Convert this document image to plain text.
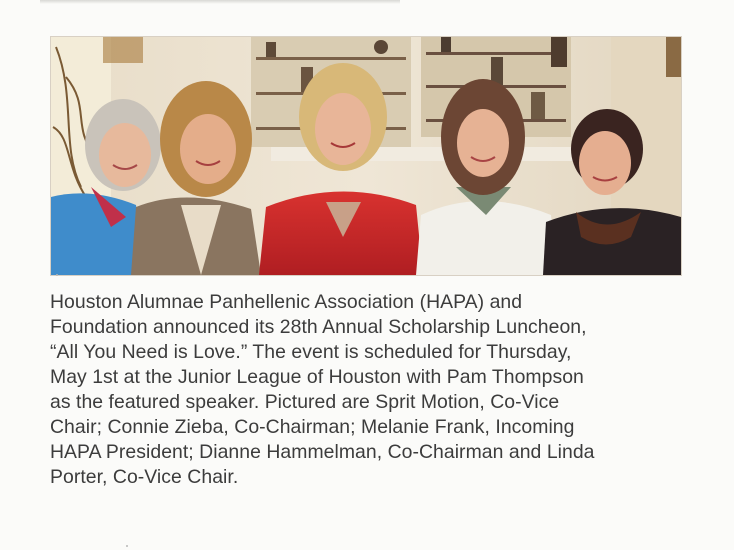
Houston Alumnae Panhellenic Association (HAPA) and
Foundation announced its 28th Annual Scholarship Luncheon,
“All You Need is Love.” The event is scheduled for Thursday,
May 1st at the Junior League of Houston with Pam Thompson
as the featured speaker. Pictured are Sprit Motion, Co-Vice
Chair; Connie Zieba, Co-Chairman; Melanie Frank, Incoming
HAPA President; Dianne Hammelman, Co-Chairman and Linda
Porter, Co-Vice Chair.
